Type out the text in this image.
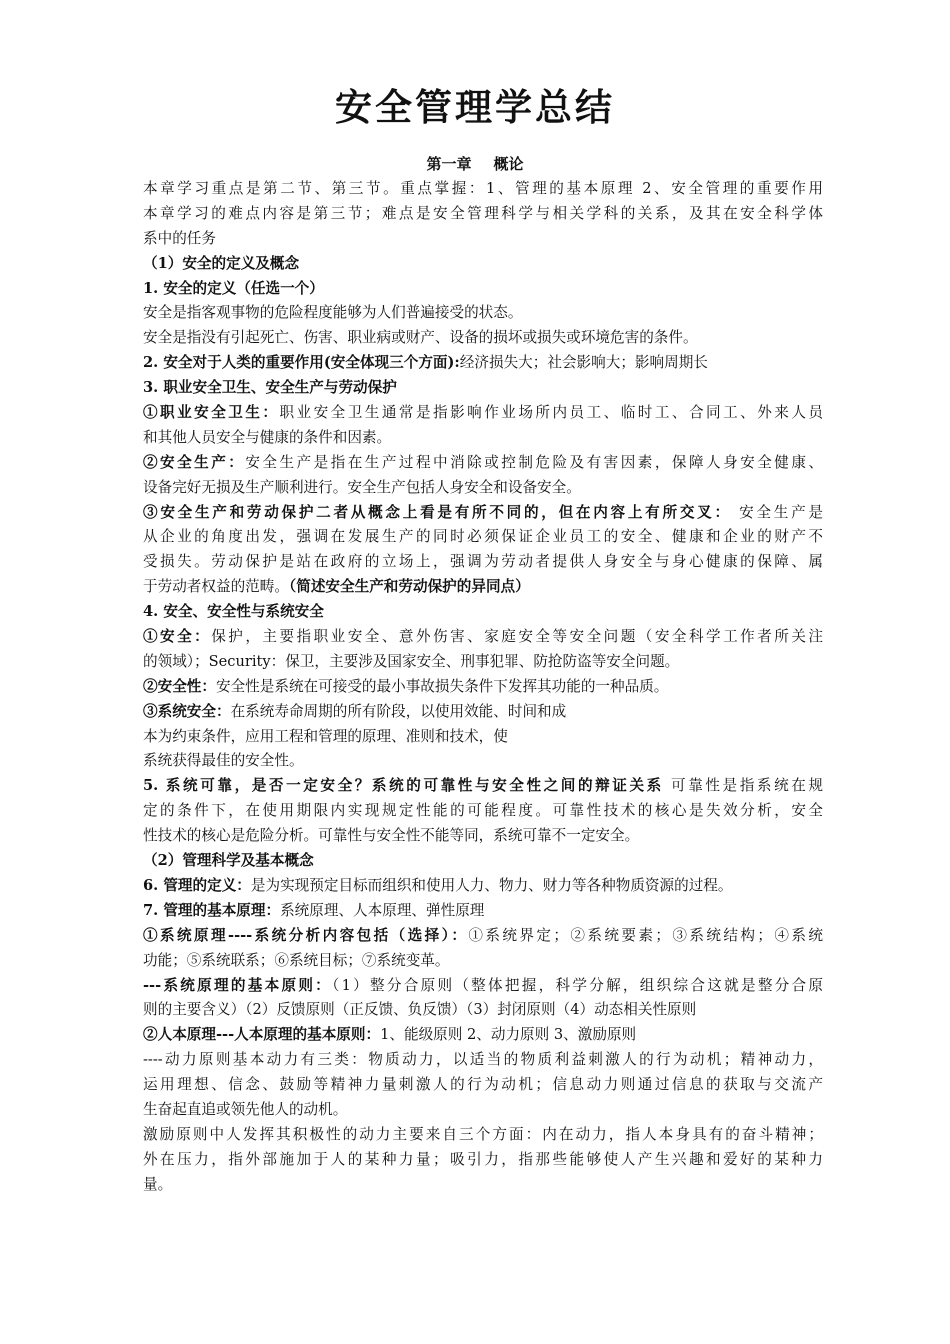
安全管理学总结
第一章 概论
本章学习重点是第二节、第三节。重点掌握：1、管理的基本原理 2、安全管理的重要作用
本章学习的难点内容是第三节；难点是安全管理科学与相关学科的关系，及其在安全科学体
系中的任务
（1）安全的定义及概念
1. 安全的定义（任选一个）
安全是指客观事物的危险程度能够为人们普遍接受的状态。
安全是指没有引起死亡、伤害、职业病或财产、设备的损坏或损失或环境危害的条件。
2. 安全对于人类的重要作用(安全体现三个方面):经济损失大；社会影响大；影响周期长
3. 职业安全卫生、安全生产与劳动保护
①职业安全卫生：职业安全卫生通常是指影响作业场所内员工、临时工、合同工、外来人员
和其他人员安全与健康的条件和因素。
②安全生产：安全生产是指在生产过程中消除或控制危险及有害因素，保障人身安全健康、
设备完好无损及生产顺利进行。安全生产包括人身安全和设备安全。
③安全生产和劳动保护二者从概念上看是有所不同的，但在内容上有所交叉： 安全生产是
从企业的角度出发，强调在发展生产的同时必须保证企业员工的安全、健康和企业的财产不
受损失。劳动保护是站在政府的立场上，强调为劳动者提供人身安全与身心健康的保障、属
于劳动者权益的范畴。（简述安全生产和劳动保护的异同点）
4. 安全、安全性与系统安全
①安全：保护，主要指职业安全、意外伤害、家庭安全等安全问题（安全科学工作者所关注
的领域）；Security：保卫，主要涉及国家安全、刑事犯罪、防抢防盗等安全问题。
②安全性：安全性是系统在可接受的最小事故损失条件下发挥其功能的一种品质。
③系统安全：在系统寿命周期的所有阶段，以使用效能、时间和成
本为约束条件，应用工程和管理的原理、准则和技术，使
系统获得最佳的安全性。
5. 系统可靠，是否一定安全？系统的可靠性与安全性之间的辩证关系 可靠性是指系统在规
定的条件下，在使用期限内实现规定性能的可能程度。可靠性技术的核心是失效分析，安全
性技术的核心是危险分析。可靠性与安全性不能等同，系统可靠不一定安全。
（2）管理科学及基本概念
6. 管理的定义：是为实现预定目标而组织和使用人力、物力、财力等各种物质资源的过程。
7. 管理的基本原理：系统原理、人本原理、弹性原理
①系统原理----系统分析内容包括（选择）：①系统界定；②系统要素；③系统结构；④系统
功能；⑤系统联系；⑥系统目标；⑦系统变革。
---系统原理的基本原则：（1）整分合原则（整体把握，科学分解，组织综合这就是整分合原
则的主要含义）（2）反馈原则（正反馈、负反馈）（3）封闭原则（4）动态相关性原则
②人本原理---人本原理的基本原则：1、能级原则 2、动力原则 3、激励原则
----动力原则基本动力有三类：物质动力，以适当的物质利益刺激人的行为动机；精神动力，
运用理想、信念、鼓励等精神力量刺激人的行为动机；信息动力则通过信息的获取与交流产
生奋起直追或领先他人的动机。
激励原则中人发挥其积极性的动力主要来自三个方面：内在动力，指人本身具有的奋斗精神；
外在压力，指外部施加于人的某种力量；吸引力，指那些能够使人产生兴趣和爱好的某种力
量。
